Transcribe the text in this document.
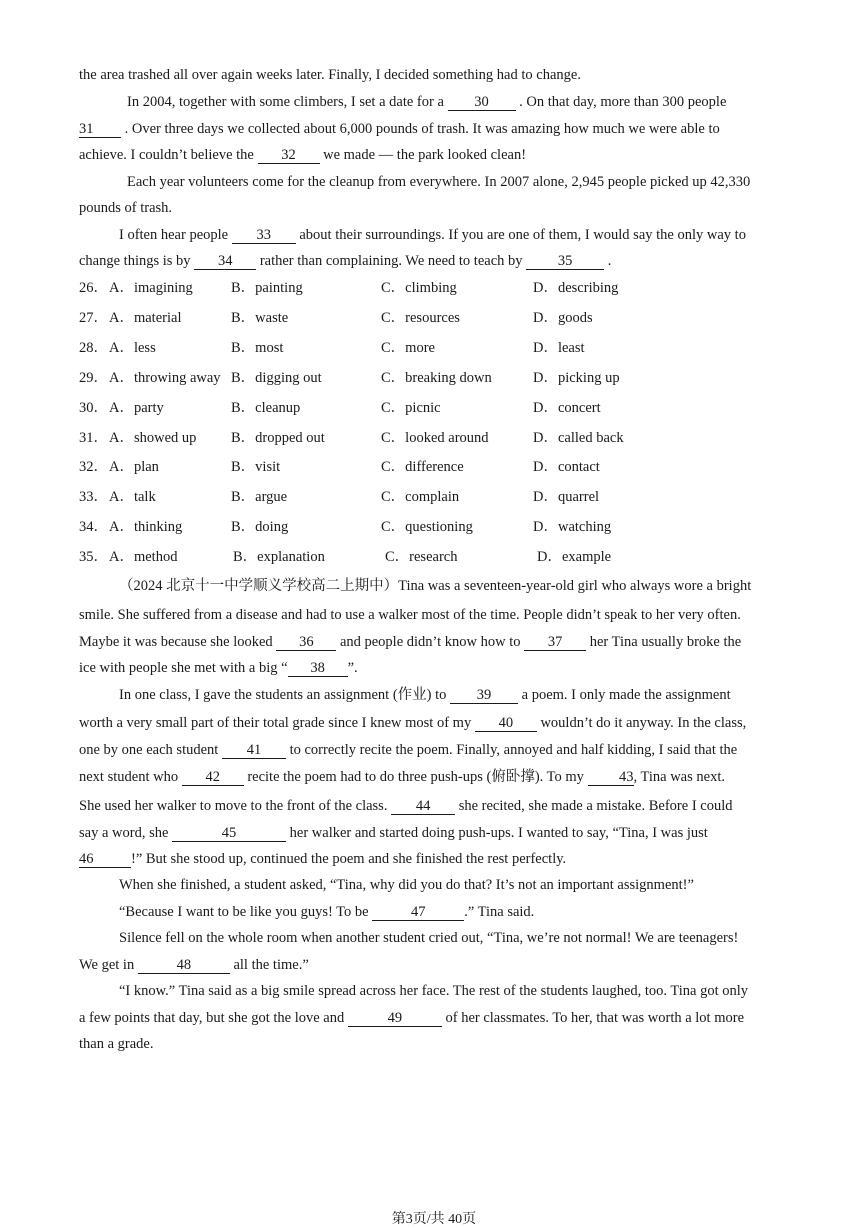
the area trashed all over again weeks later. Finally, I decided something had to change.
In 2004, together with some climbers, I set a date for a 30 . On that day, more than 300 people
31 . Over three days we collected about 6,000 pounds of trash. It was amazing how much we were able to
achieve. I couldn’t believe the 32 we made — the park looked clean!
Each year volunteers come for the cleanup from everywhere. In 2007 alone, 2,945 people picked up 42,330
pounds of trash.
I often hear people 33 about their surroundings. If you are one of them, I would say the only way to
change things is by 34 rather than complaining. We need to teach by 35 .
26． A．imagining	B．painting	C．climbing	D．describing
27． A．material	B．waste	C．resources	D．goods
28． A．less	B．most	C．more	D．least
29． A．throwing away B．digging out	C．breaking down	D．picking up
30． A．party	B．cleanup	C．picnic	D．concert
31． A．showed up B．dropped out	C．looked around	D．called back
32． A．plan	B．visit	C．difference	D．contact
33． A．talk	B．argue	C．complain	D．quarrel
34． A．thinking	B．doing	C．questioning	D．watching
35． A．method	B．explanation	C．research	D．example
（2024 北京十一中学顺义学校高二上期中）Tina was a seventeen-year-old girl who always wore a bright
smile. She suffered from a disease and had to use a walker most of the time. People didn’t speak to her very often.
Maybe it was because she looked 36 and people didn’t know how to 37 her Tina usually broke the
ice with people she met with a big “ 38 ”.
In one class, I gave the students an assignment (作业) to 39 a poem. I only made the assignment
worth a very small part of their total grade since I knew most of my 40 wouldn’t do it anyway. In the class,
one by one each student 41 to correctly recite the poem. Finally, annoyed and half kidding, I said that the
next student who 42 recite the poem had to do three push-ups (俯卧撑). To my 43, Tina was next.
She used her walker to move to the front of the class. 44 she recited, she made a mistake. Before I could
say a word, she	45	her walker and started doing push-ups. I wanted to say, “Tina, I was just
46	!” But she stood up, continued the poem and she finished the rest perfectly.
When she finished, a student asked, “Tina, why did you do that? It’s not an important assignment!”
“Because I want to be like you guys! To be	47	.” Tina said.
Silence fell on the whole room when another student cried out, “Tina, we’re not normal! We are teenagers!
We get in	48	all the time.”
“I know.” Tina said as a big smile spread across her face. The rest of the students laughed, too. Tina got only
a few points that day, but she got the love and	49	of her classmates. To her, that was worth a lot more
than a grade.
第3页/共 40页
